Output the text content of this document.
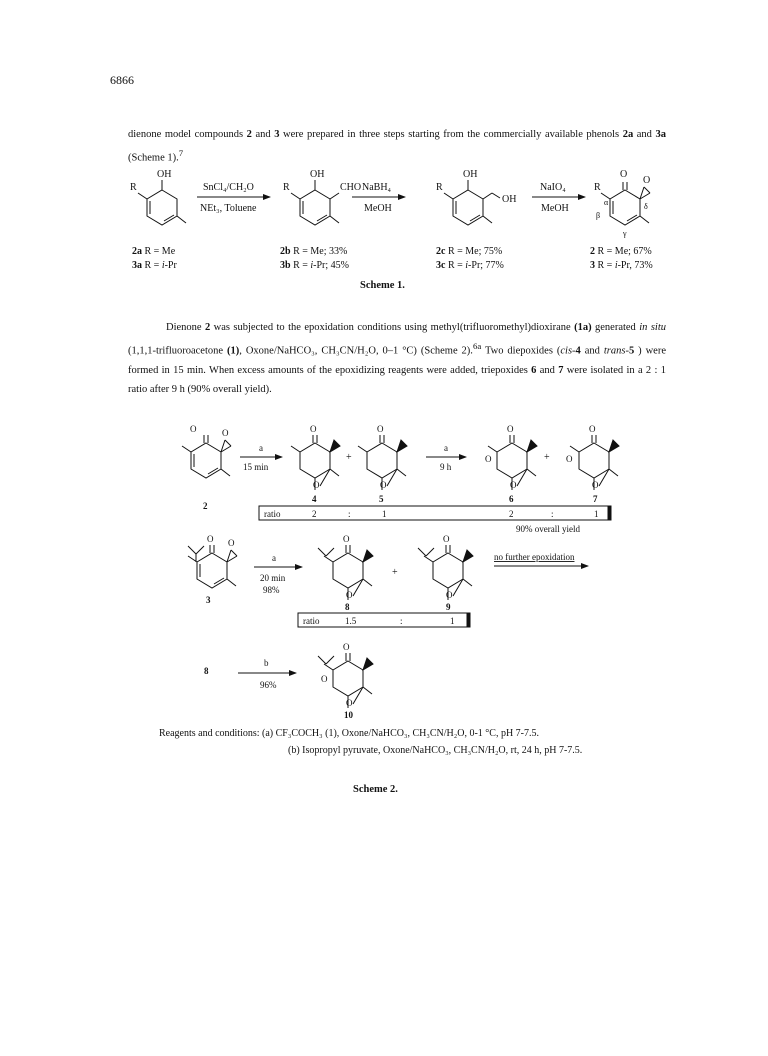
6866
dienone model compounds 2 and 3 were prepared in three steps starting from the commercially available phenols 2a and 3a (Scheme 1).$^7$
OH
R	SnCl₄/CH₂O
NEt₃, Toluene
OH
R	CHO NaBH₄
MeOH
OH
R
OH
NaIO₄
MeOH
O
O
R
α
β
γ
δ
2a R = Me
3a R = i-Pr
2b R = Me; 33%
3b R = i-Pr; 45%
2c R = Me; 75%
3c R = i-Pr; 77%
2 R = Me; 67%
3 R = i-Pr, 73%
Scheme 1.
Dienone 2 was subjected to the epoxidation conditions using methyl(trifluoromethyl)dioxirane (1a) generated in situ (1,1,1-trifluoroacetone (1), Oxone/NaHCO₃, CH₃CN/H₂O, 0–1 °C) (Scheme 2).$^{6a}$ Two diepoxides (cis-4 and trans-5 ) were formed in 15 min. When excess amounts of the epoxidizing reagents were added, triepoxides 6 and 7 were isolated in a 2 : 1 ratio after 9 h (90% overall yield).
O	O
a
15 min
O
O
+
O
O
a
9 h
O
O
O
+
O
O
O
2
4	5	6	7
ratio	2	:	1	2	:	1
90% overall yield
O O
a
20 min
98%
O
O
+
O
O
no further epoxidation
3
8	9
ratio	1.5	:	1
8
b
96%
O
O
O
10
Reagents and conditions: (a) CF₃COCH₃ (1), Oxone/NaHCO₃, CH₃CN/H₂O, 0-1 °C, pH 7-7.5.
(b) Isopropyl pyruvate, Oxone/NaHCO₃, CH₃CN/H₂O, rt, 24 h, pH 7-7.5.
Scheme 2.
